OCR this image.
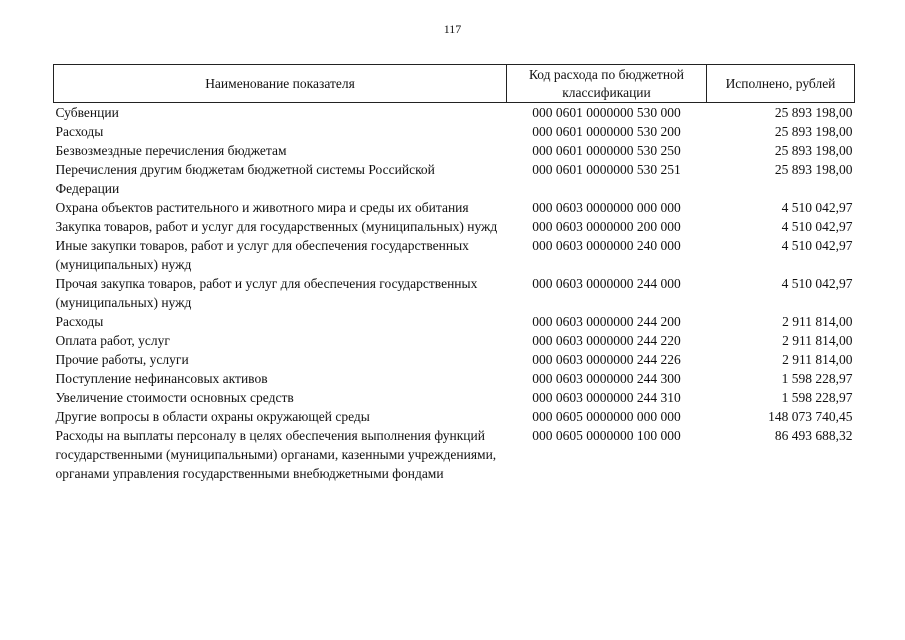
117
Наименование показателя	Код расхода по бюджетной классификации	Исполнено, рублей
Субвенции	000 0601 0000000 530 000	25 893 198,00
Расходы	000 0601 0000000 530 200	25 893 198,00
Безвозмездные перечисления бюджетам	000 0601 0000000 530 250	25 893 198,00
Перечисления другим бюджетам бюджетной системы Российской Федерации	000 0601 0000000 530 251	25 893 198,00
Охрана объектов растительного и животного мира и среды их обитания	000 0603 0000000 000 000	4 510 042,97
Закупка товаров, работ и услуг для государственных (муниципальных) нужд	000 0603 0000000 200 000	4 510 042,97
Иные закупки товаров, работ и услуг для обеспечения государственных (муниципальных) нужд	000 0603 0000000 240 000	4 510 042,97
Прочая закупка товаров, работ и услуг для обеспечения государственных (муниципальных) нужд	000 0603 0000000 244 000	4 510 042,97
Расходы	000 0603 0000000 244 200	2 911 814,00
Оплата работ, услуг	000 0603 0000000 244 220	2 911 814,00
Прочие работы, услуги	000 0603 0000000 244 226	2 911 814,00
Поступление нефинансовых активов	000 0603 0000000 244 300	1 598 228,97
Увеличение стоимости основных средств	000 0603 0000000 244 310	1 598 228,97
Другие вопросы в области охраны окружающей среды	000 0605 0000000 000 000	148 073 740,45
Расходы на выплаты персоналу в целях обеспечения выполнения функций государственными (муниципальными) органами, казенными учреждениями, органами управления государственными внебюджетными фондами	000 0605 0000000 100 000	86 493 688,32
